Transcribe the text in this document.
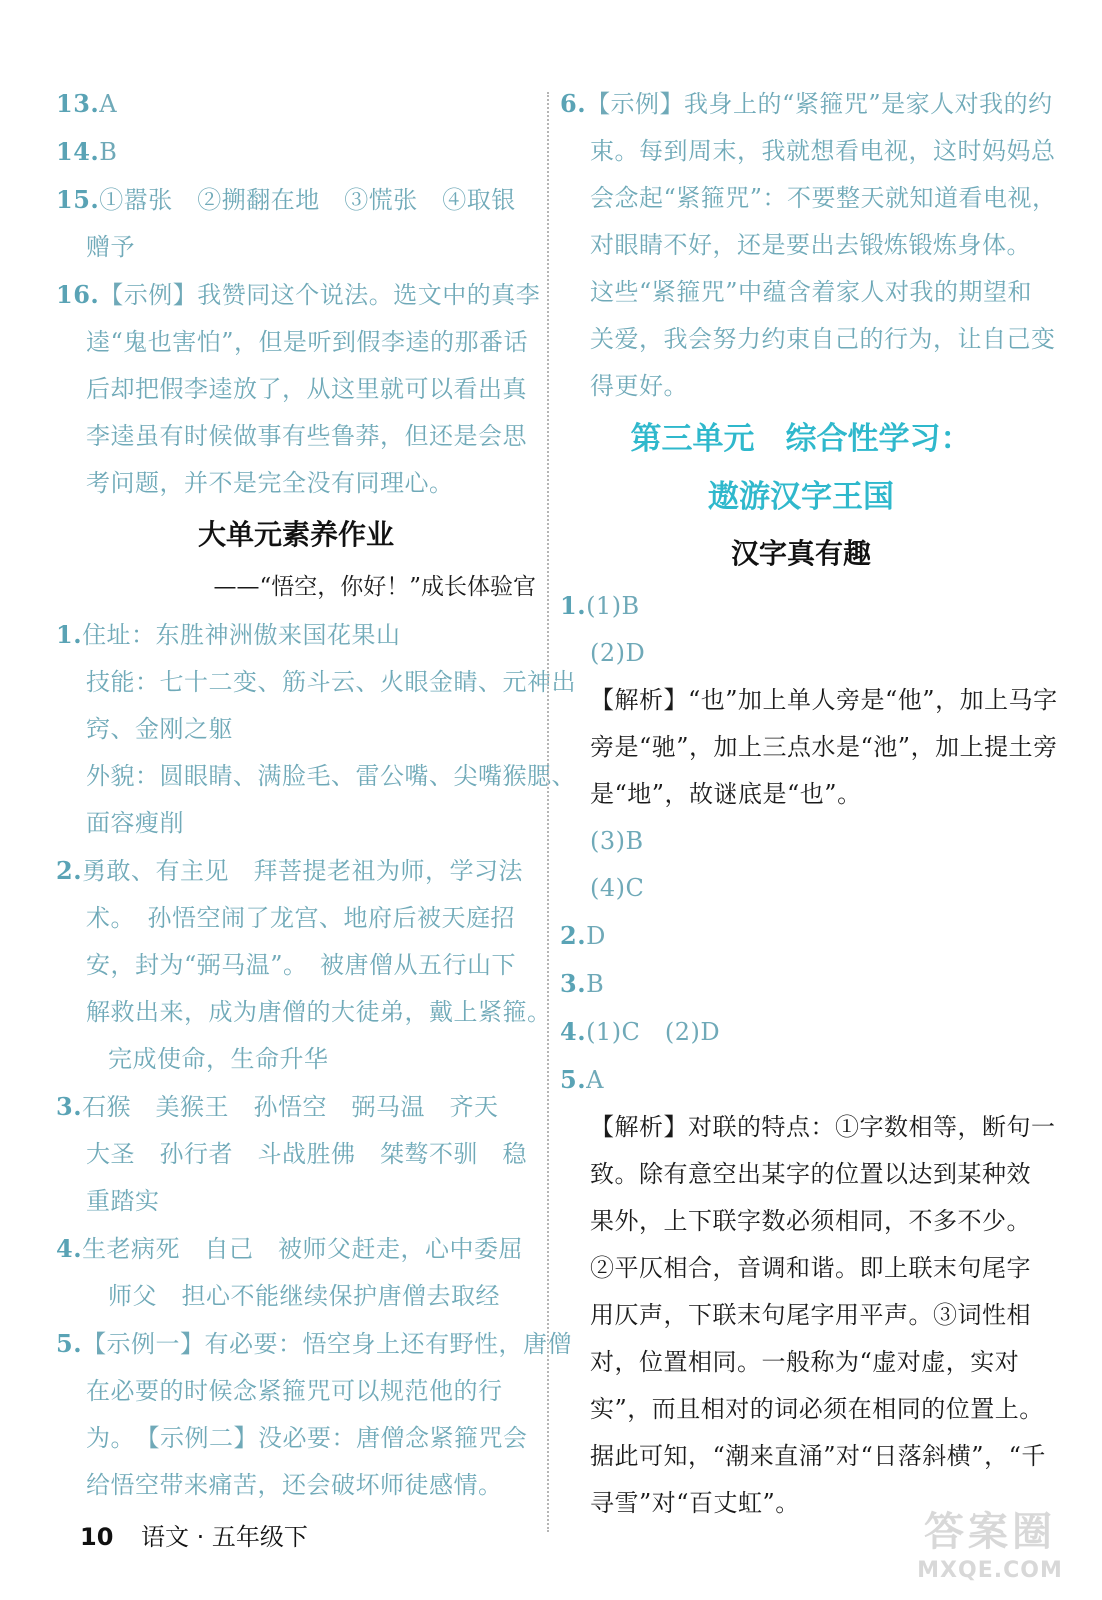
13.A
14.B
15.①嚣张　②搠翻在地　③慌张　④取银
赠予
16.【示例】我赞同这个说法。选文中的真李
逵“鬼也害怕”，但是听到假李逵的那番话
后却把假李逵放了，从这里就可以看出真
李逵虽有时候做事有些鲁莽，但还是会思
考问题，并不是完全没有同理心。
大单元素养作业
——“悟空，你好！”成长体验官
1.住址：东胜神洲傲来国花果山
技能：七十二变、筋斗云、火眼金睛、元神出
窍、金刚之躯
外貌：圆眼睛、满脸毛、雷公嘴、尖嘴猴腮、
面容瘦削
2.勇敢、有主见　拜菩提老祖为师，学习法
术。　孙悟空闹了龙宫、地府后被天庭招
安，封为“弼马温”。　被唐僧从五行山下
解救出来，成为唐僧的大徒弟，戴上紧箍。
完成使命，生命升华
3.石猴　美猴王　孙悟空　弼马温　齐天
大圣　孙行者　斗战胜佛　桀骜不驯　稳
重踏实
4.生老病死　自己　被师父赶走，心中委屈
师父　担心不能继续保护唐僧去取经
5.【示例一】有必要：悟空身上还有野性，唐僧
在必要的时候念紧箍咒可以规范他的行
为。　【示例二】没必要：唐僧念紧箍咒会
给悟空带来痛苦，还会破坏师徒感情。
6.【示例】我身上的“紧箍咒”是家人对我的约
束。每到周末，我就想看电视，这时妈妈总
会念起“紧箍咒”：不要整天就知道看电视，
对眼睛不好，还是要出去锻炼锻炼身体。
这些“紧箍咒”中蕴含着家人对我的期望和
关爱，我会努力约束自己的行为，让自己变
得更好。
第三单元　综合性学习：
遨游汉字王国
汉字真有趣
1.(1)B
(2)D
【解析】“也”加上单人旁是“他”，加上马字
旁是“驰”，加上三点水是“池”，加上提土旁
是“地”，故谜底是“也”。
(3)B
(4)C
2.D
3.B
4.(1)C　(2)D
5.A
【解析】对联的特点：①字数相等，断句一
致。除有意空出某字的位置以达到某种效
果外，上下联字数必须相同，不多不少。
②平仄相合，音调和谐。即上联末句尾字
用仄声，下联末句尾字用平声。③词性相
对，位置相同。一般称为“虚对虚，实对
实”，而且相对的词必须在相同的位置上。
据此可知，“潮来直涌”对“日落斜横”，“千
寻雪”对“百丈虹”。
10 语文 · 五年级下	答案圈
MXQE.COM
